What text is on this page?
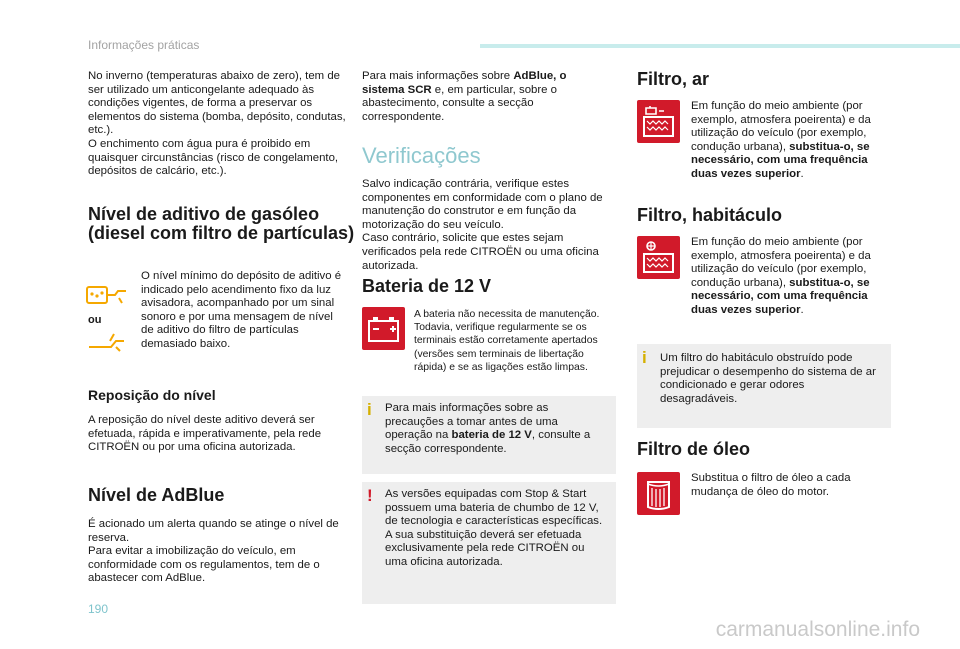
Informações práticas

No inverno (temperaturas abaixo de zero), tem de ser utilizado um anticongelante adequado às condições vigentes, de forma a preservar os elementos do sistema (bomba, depósito, condutas, etc.).

O enchimento com água pura é proibido em quaisquer circunstâncias (risco de congelamento, depósitos de calcário, etc.).

Nível de aditivo de gasóleo (diesel com filtro de partículas)
ou
O nível mínimo do depósito de aditivo é indicado pelo acendimento fixo da luz avisadora, acompanhado por um sinal sonoro e por uma mensagem de nível de aditivo do filtro de partículas demasiado baixo.
Reposição do nível
A reposição do nível deste aditivo deverá ser efetuada, rápida e imperativamente, pela rede CITROËN ou por uma oficina autorizada.
Nível de AdBlue

É acionado um alerta quando se atinge o nível de reserva.

Para evitar a imobilização do veículo, em conformidade com os regulamentos, tem de o abastecer com AdBlue.

Para mais informações sobre AdBlue, o sistema SCR e, em particular, sobre o abastecimento, consulte a secção correspondente.
Verificações

Salvo indicação contrária, verifique estes componentes em conformidade com o plano de manutenção do construtor e em função da motorização do seu veículo.

Caso contrário, solicite que estes sejam verificados pela rede CITROËN ou uma oficina autorizada.

Bateria de 12 V
A bateria não necessita de manutenção. Todavia, verifique regularmente se os terminais estão corretamente apertados (versões sem terminais de libertação rápida) e se as ligações estão limpas.
i Para mais informações sobre as precauções a tomar antes de uma operação na bateria de 12 V, consulte a secção correspondente.
! As versões equipadas com Stop & Start possuem uma bateria de chumbo de 12 V, de tecnologia e características específicas.

A sua substituição deverá ser efetuada exclusivamente pela rede CITROËN ou uma oficina autorizada.

Filtro, ar
Em função do meio ambiente (por exemplo, atmosfera poeirenta) e da utilização do veículo (por exemplo, condução urbana), substitua-o, se necessário, com uma frequência duas vezes superior.
Filtro, habitáculo
Em função do meio ambiente (por exemplo, atmosfera poeirenta) e da utilização do veículo (por exemplo, condução urbana), substitua-o, se necessário, com uma frequência duas vezes superior.
i Um filtro do habitáculo obstruído pode prejudicar o desempenho do sistema de ar condicionado e gerar odores desagradáveis.
Filtro de óleo
Substitua o filtro de óleo a cada mudança de óleo do motor.
190
carmanualsonline.info
